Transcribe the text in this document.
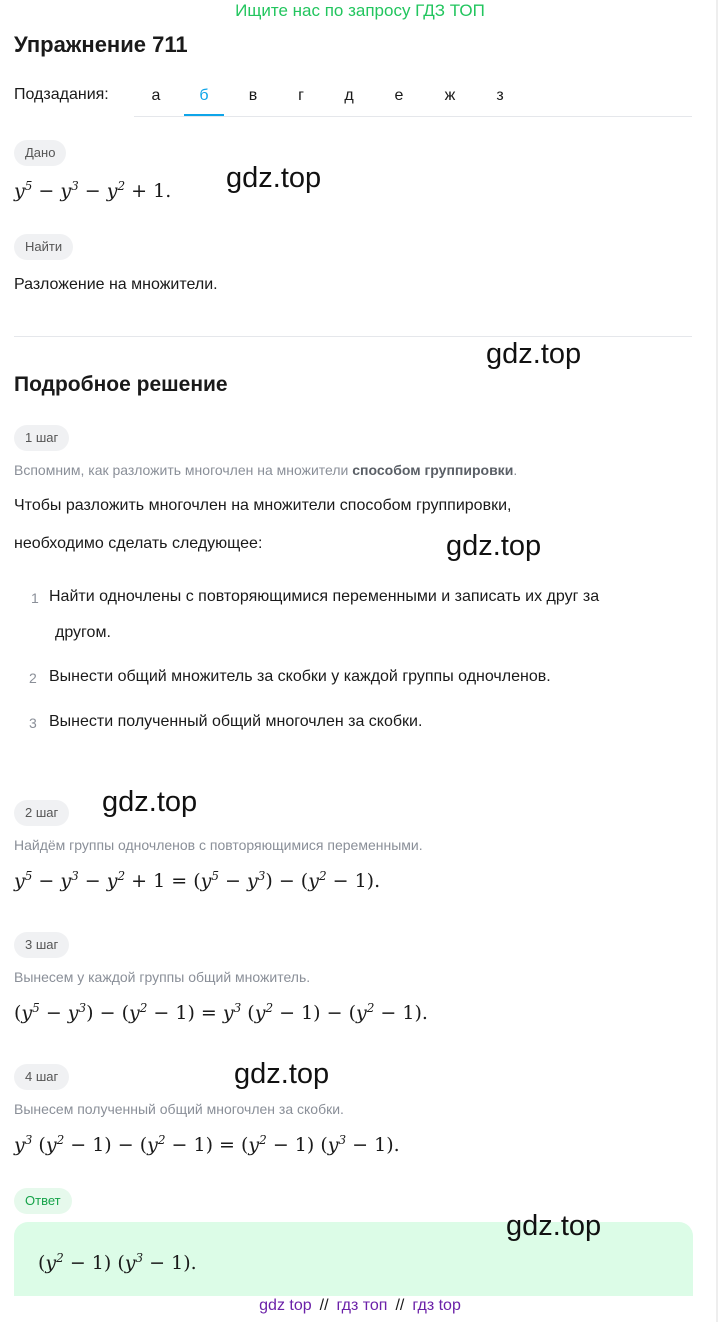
Ищите нас по запросу ГДЗ ТОП
Упражнение 711
Подзадания:	а	б	в	г	д	е	ж	з
Дано
$y^5 - y^3 - y^2 + 1$.
Найти
Разложение на множители.
Подробное решение
1 шаг
Вспомним, как разложить многочлен на множители способом группировки.
Чтобы разложить многочлен на множители способом группировки,
необходимо сделать следующее:
1 Найти одночлены с повторяющимися переменными и записать их друг за
другом.
2 Вынести общий множитель за скобки у каждой группы одночленов.
3 Вынести полученный общий многочлен за скобки.
2 шаг
Найдём группы одночленов с повторяющимися переменными.
$y^5 - y^3 - y^2 + 1 = (y^5 - y^3) - (y^2 - 1)$.
3 шаг
Вынесем у каждой группы общий множитель.
$(y^5 - y^3) - (y^2 - 1) = y^3$ $(y^2 - 1) - (y^2 - 1)$.
4 шаг
Вынесем полученный общий многочлен за скобки.
$y^3$ $(y^2 - 1) - (y^2 - 1) = (y^2 - 1) (y^3 - 1)$.
Ответ
$(y^2 - 1) (y^3 - 1)$.
gdz.top
gdz.top
gdz.top
gdz.top
gdz.top
gdz.top
gdz top // гдз топ // гдз top
